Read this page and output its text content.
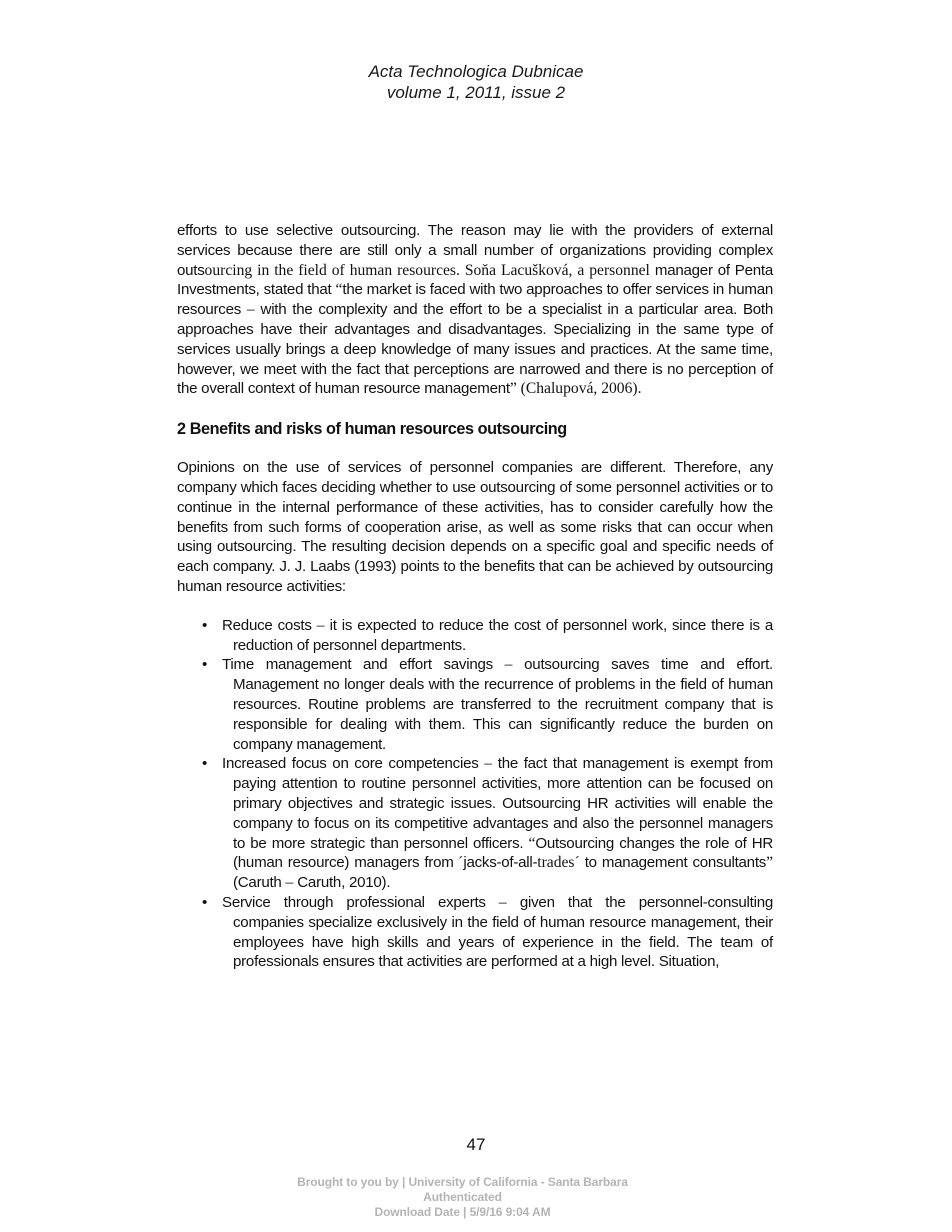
Acta Technologica Dubnicae
volume 1, 2011, issue 2

efforts to use selective outsourcing. The reason may lie with the providers of external services because there are still only a small number of organizations providing complex outsourcing in the field of human resources. Soňa Lacušková, a personnel manager of Penta Investments, stated that “the market is faced with two approaches to offer services in human resources – with the complexity and the effort to be a specialist in a particular area. Both approaches have their advantages and disadvantages. Specializing in the same type of services usually brings a deep knowledge of many issues and practices. At the same time, however, we meet with the fact that perceptions are narrowed and there is no perception of the overall context of human resource management” (Chalupová, 2006).

2 Benefits and risks of human resources outsourcing

Opinions on the use of services of personnel companies are different. Therefore, any company which faces deciding whether to use outsourcing of some personnel activities or to continue in the internal performance of these activities, has to consider carefully how the benefits from such forms of cooperation arise, as well as some risks that can occur when using outsourcing. The resulting decision depends on a specific goal and specific needs of each company. J. J. Laabs (1993) points to the benefits that can be achieved by outsourcing human resource activities:

• Reduce costs – it is expected to reduce the cost of personnel work, since there is a reduction of personnel departments.
• Time management and effort savings – outsourcing saves time and effort. Management no longer deals with the recurrence of problems in the field of human resources. Routine problems are transferred to the recruitment company that is responsible for dealing with them. This can significantly reduce the burden on company management.
• Increased focus on core competencies – the fact that management is exempt from paying attention to routine personnel activities, more attention can be focused on primary objectives and strategic issues. Outsourcing HR activities will enable the company to focus on its competitive advantages and also the personnel managers to be more strategic than personnel officers. “Outsourcing changes the role of HR (human resource) managers from ´jacks-of-all-trades´ to management consultants” (Caruth – Caruth, 2010).
• Service through professional experts – given that the personnel-consulting companies specialize exclusively in the field of human resource management, their employees have high skills and years of experience in the field. The team of professionals ensures that activities are performed at a high level. Situation,
47
Brought to you by | University of California - Santa Barbara
Authenticated
Download Date | 5/9/16 9:04 AM
